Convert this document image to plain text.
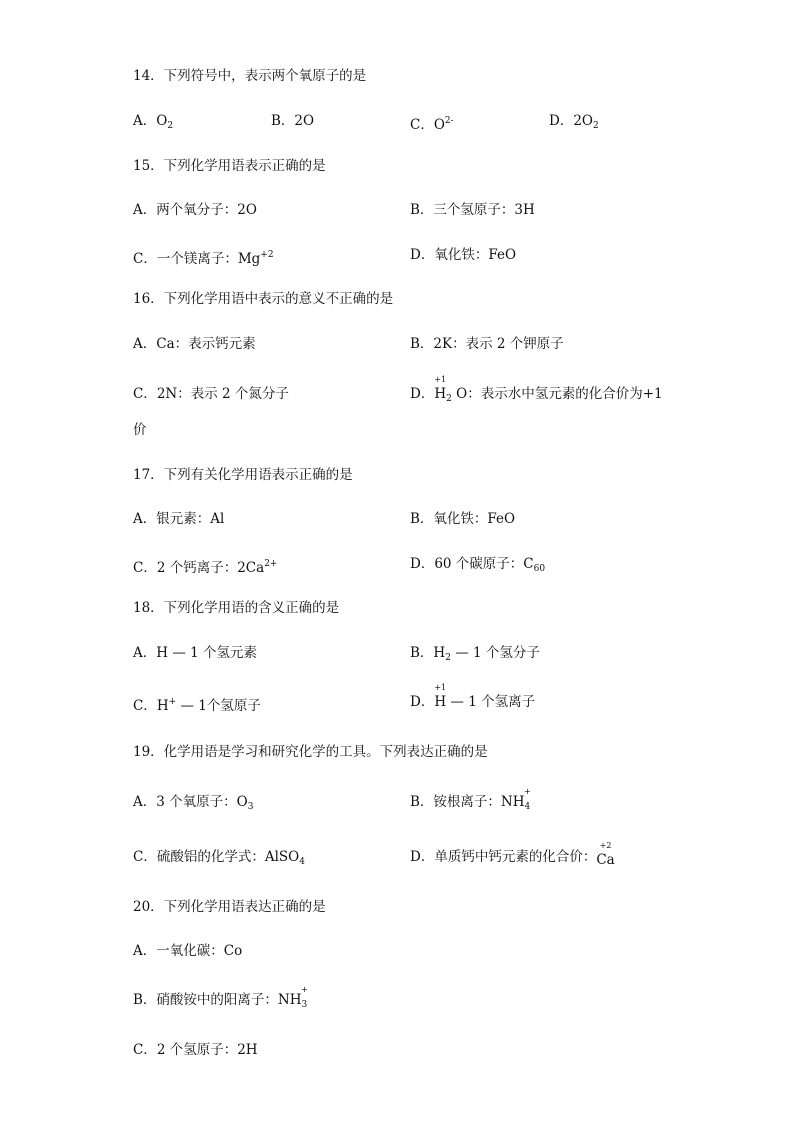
14．下列符号中，表示两个氧原子的是
A．$O_2$	B．2O	C．$O^{2-}$	D．$2O_2$
15．下列化学用语表示正确的是
A．两个氧分子：2O	B．三个氢原子：3H
C．一个镁离子：$Mg^{+2}$	D．氧化铁：FeO
16．下列化学用语中表示的意义不正确的是
A．Ca：表示钙元素	B．2K：表示 2 个钾原子
C．2N：表示 2 个氮分子	D．
+1
$H_2$ O：表示水中氢元素的化合价为+1
价
17．下列有关化学用语表示正确的是
A．银元素：Al	B．氧化铁：FeO
C．2 个钙离子：$2Ca^{2+}$	D．60 个碳原子：$C_{60}$
18．下列化学用语的含义正确的是
A．H — 1 个氢元素	B．$H_2$ — 1 个氢分子
C．H+ — 1个氢原子	D．
+1
H — 1 个氢离子
19．化学用语是学习和研究化学的工具。下列表达正确的是
A．3 个氧原子：$O_3$	B．铵根离子：NH
+
$_4$
C．硫酸铝的化学式：AlSO$_4$	D．单质钙中钙元素的化合价：
+2
Ca
20．下列化学用语表达正确的是
A．一氧化碳：Co
B．硝酸铵中的阳离子：NH
+
$_3$
C．2 个氢原子：2H
